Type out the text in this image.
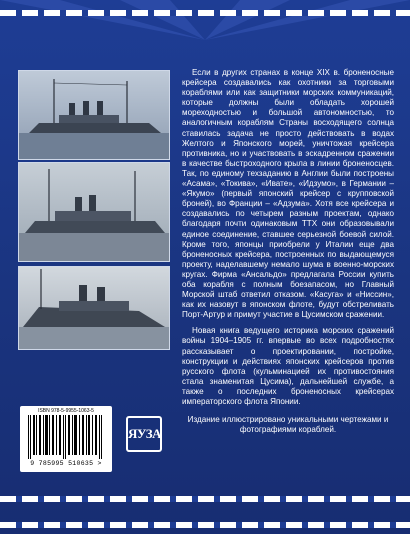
Если в других странах в конце XIX в. броненосные крейсера создавались как охотники за торговыми кораблями или как защитники морских коммуникаций, которые должны были обладать хорошей мореходностью и большой автономностью, то аналогичным кораблям Страны восходящего солнца ставилась задача не просто действовать в водах Желтого и Японского морей, уничтожая крейсера противника, но и участвовать в эскадренном сражении в качестве быстроходного крыла в линии броненосцев. Так, по единому техзаданию в Англии были построены «Асама», «Токива», «Ивате», «Идзумо», в Германии – «Якумо» (первый японский крейсер с крупповской броней), во Франции – «Адзума». Хотя все крейсера и создавались по четырем разным проектам, однако благодаря почти одинаковым ТТХ они образовывали единое соединение, ставшее серьезной боевой силой. Кроме того, японцы приобрели у Италии еще два броненосных крейсера, построенных по выдающемуся проекту, наделавшему немало шума в военно-морских кругах. Фирма «Ансальдо» предлагала России купить оба корабля с полным боезапасом, но Главный Морской штаб ответил отказом. «Касуга» и «Ниссин», как их назовут в японском флоте, будут обстреливать Порт-Артур и примут участие в Цусимском сражении.

Новая книга ведущего историка морских сражений войны 1904–1905 гг. впервые во всех подробностях рассказывает о проектировании, постройке, конструкции и действиях японских крейсеров против русского флота (кульминацией их противостояния стала знаменитая Цусима), дальнейшей службе, а также о последних броненосных крейсерах императорского флота Японии.

Издание иллюстрировано уникальными чертежами и фотографиями кораблей.

ISBN 978-5-9955-1063-5
9 785995 510635 >
ЯУЗА
